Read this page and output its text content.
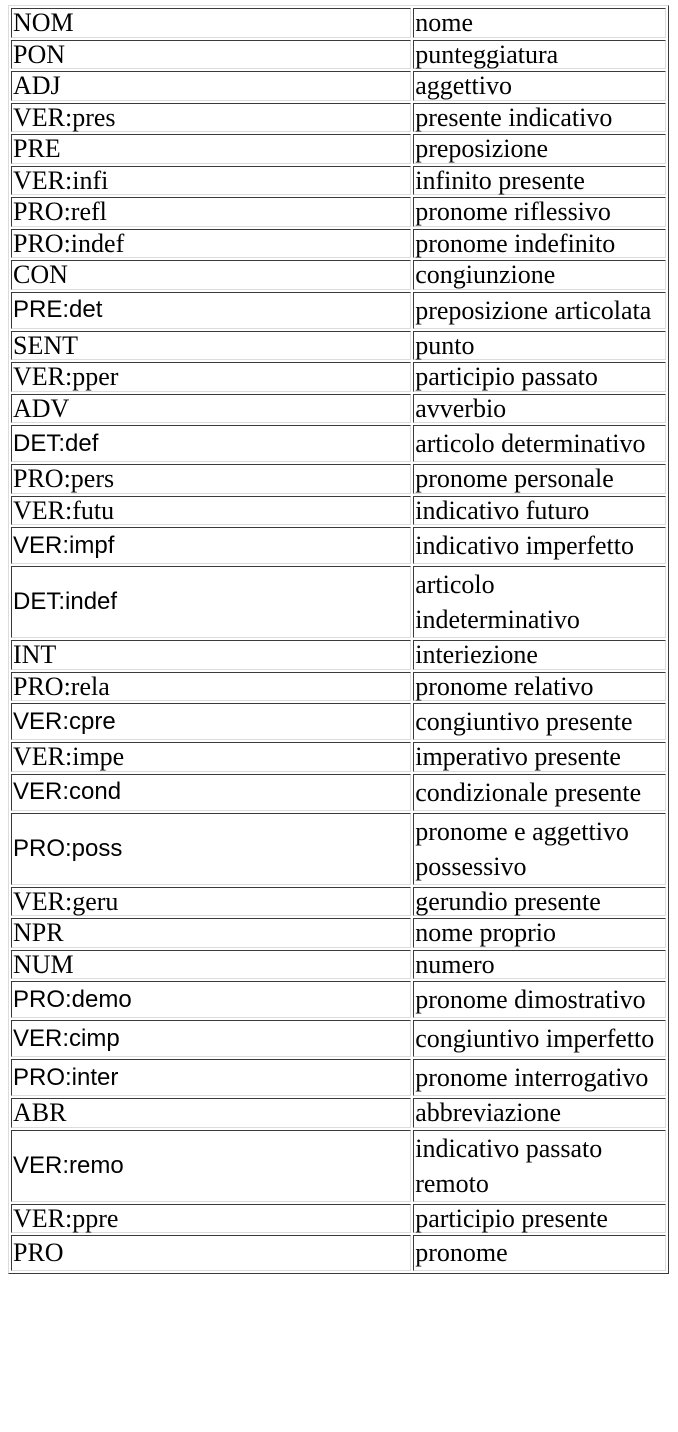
NOM	nome
PON	punteggiatura
ADJ	aggettivo
VER:pres	presente indicativo
PRE	preposizione
VER:infi	infinito presente
PRO:refl	pronome riflessivo
PRO:indef	pronome indefinito
CON	congiunzione
PRE:det	preposizione articolata
SENT	punto
VER:pper	participio passato
ADV	avverbio
DET:def	articolo determinativo
PRO:pers	pronome personale
VER:futu	indicativo futuro
VER:impf	indicativo imperfetto
DET:indef	articolo indeterminativo
INT	interiezione
PRO:rela	pronome relativo
VER:cpre	congiuntivo presente
VER:impe	imperativo presente
VER:cond	condizionale presente
PRO:poss	pronome e aggettivo possessivo
VER:geru	gerundio presente
NPR	nome proprio
NUM	numero
PRO:demo	pronome dimostrativo
VER:cimp	congiuntivo imperfetto
PRO:inter	pronome interrogativo
ABR	abbreviazione
VER:remo	indicativo passato remoto
VER:ppre	participio presente
PRO	pronome
